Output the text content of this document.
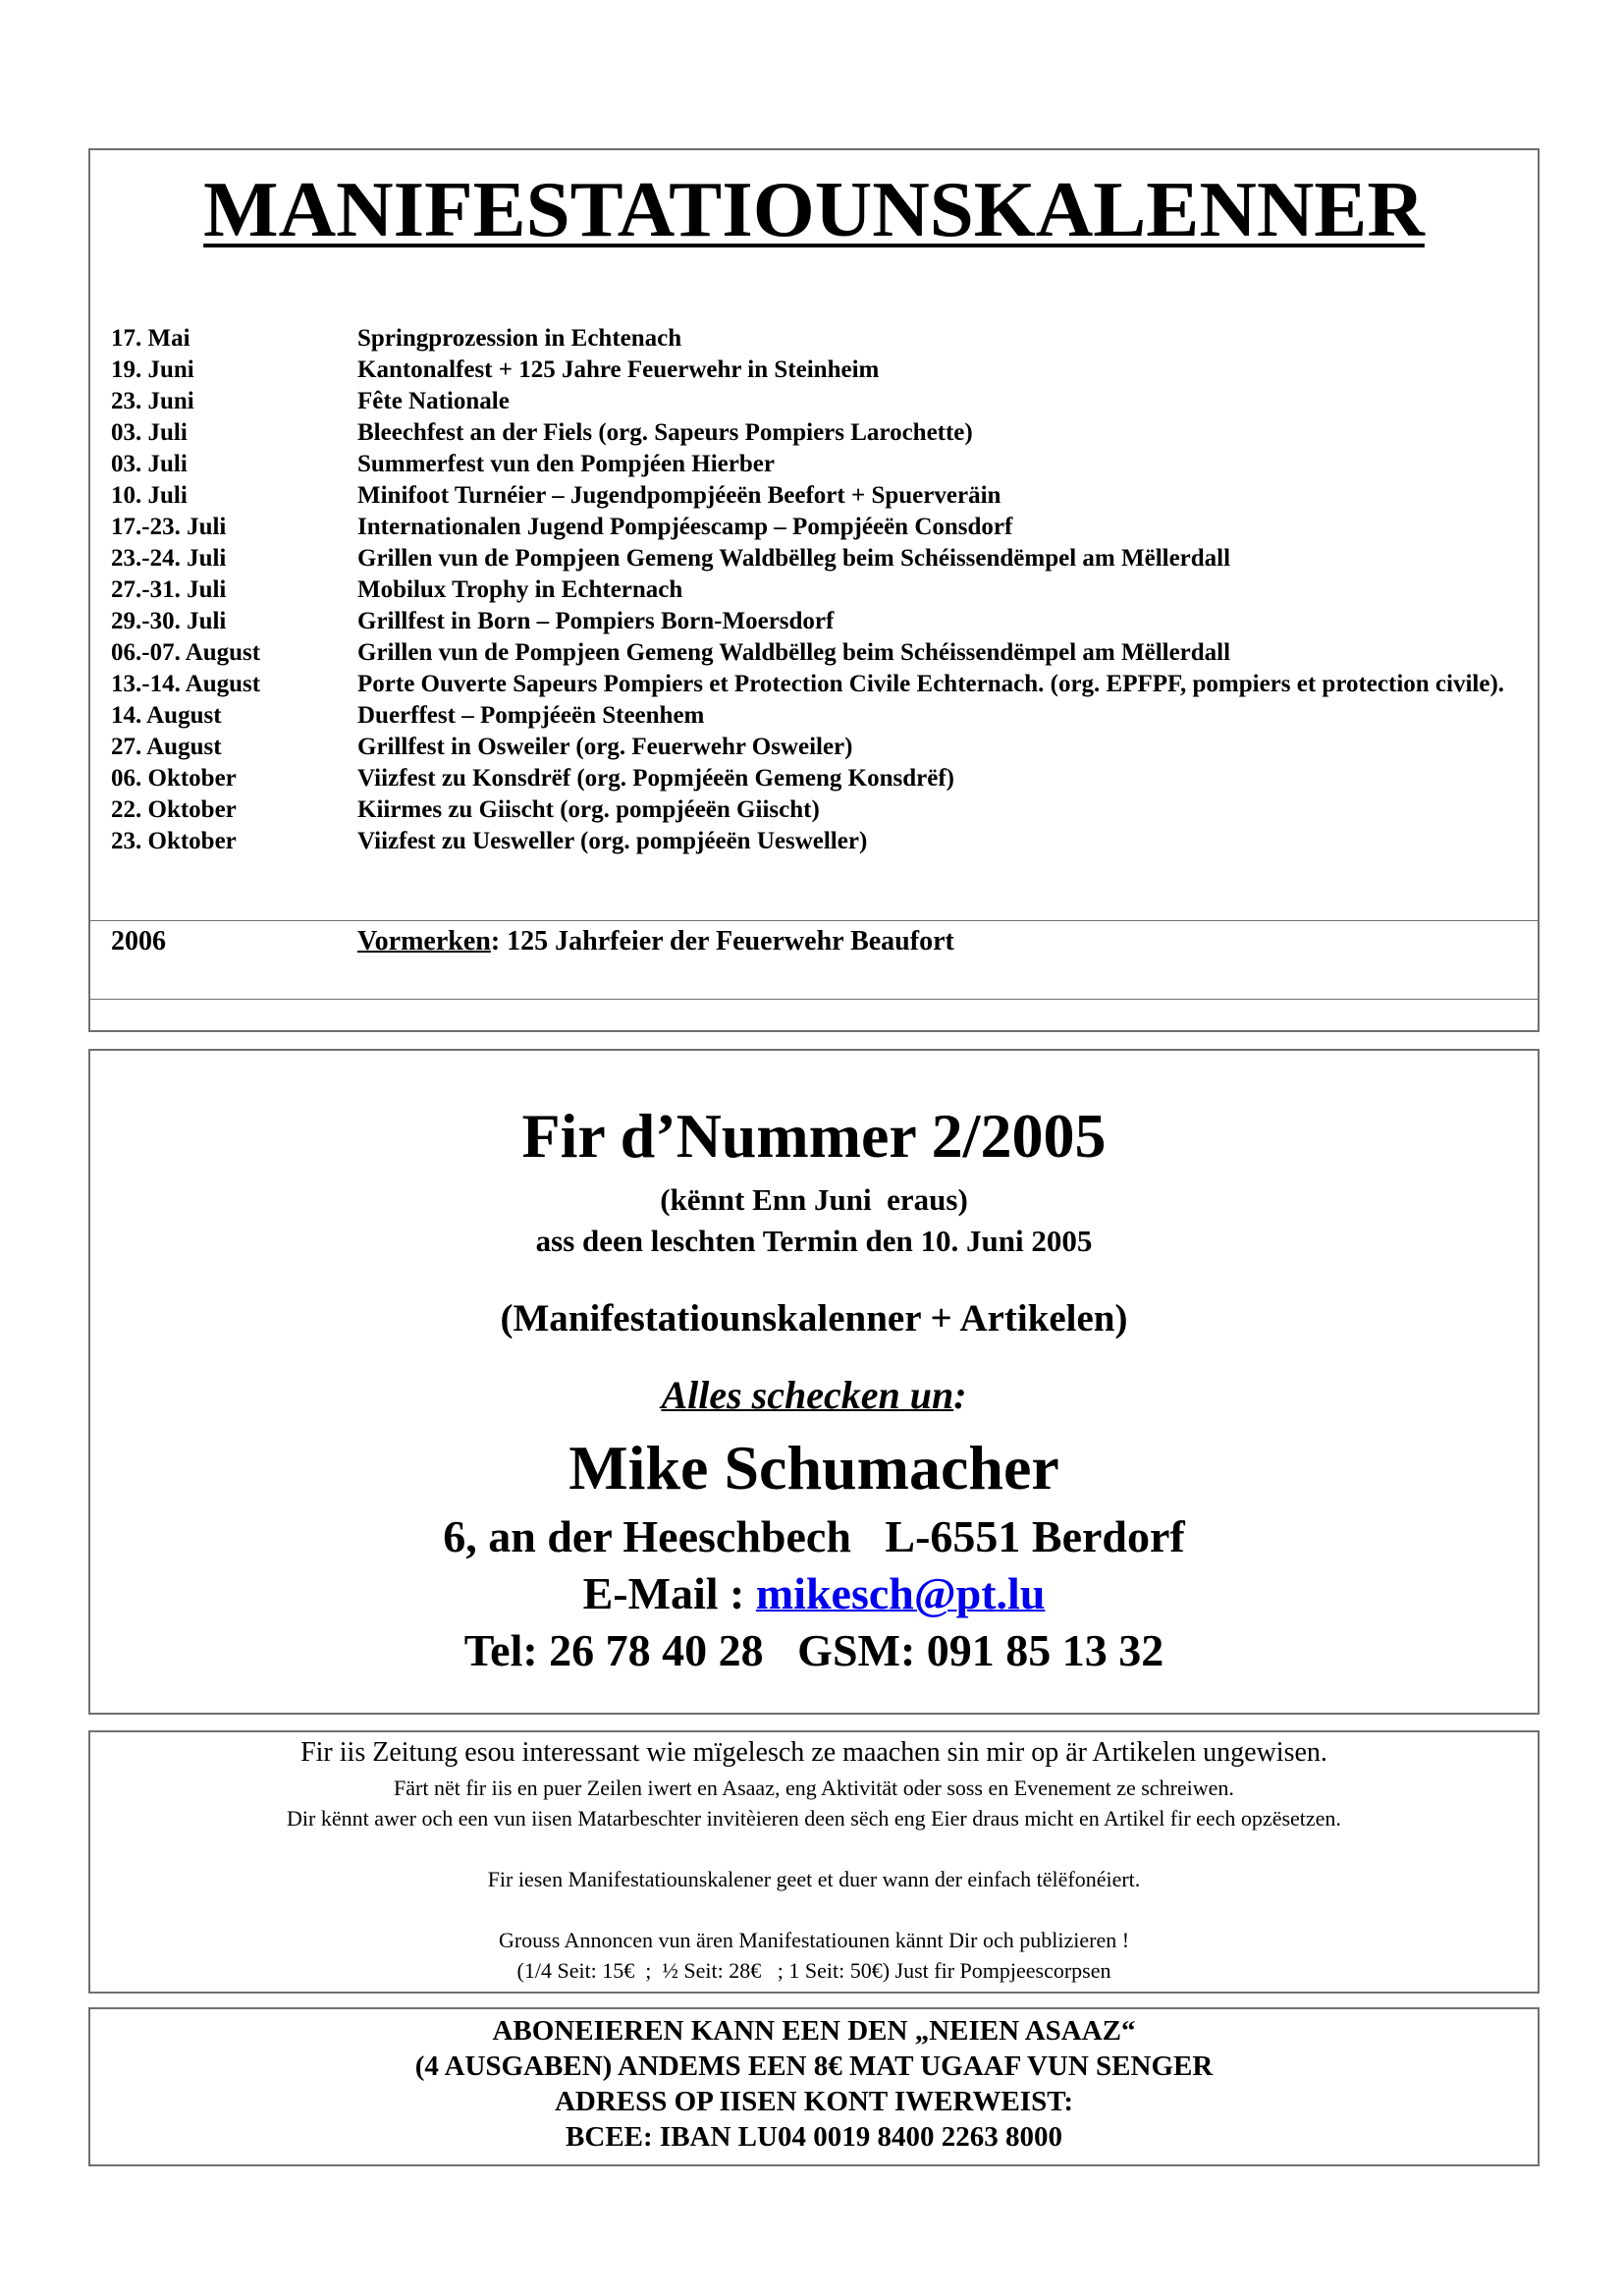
MANIFESTATIOUNSKALENNER
17. Mai	Springprozession in Echtenach
19. Juni	Kantonalfest + 125 Jahre Feuerwehr in Steinheim
23. Juni	Fête Nationale
03. Juli	Bleechfest an der Fiels (org. Sapeurs Pompiers Larochette)
03. Juli	Summerfest vun den Pompjéen Hierber
10. Juli	Minifoot Turnéier – Jugendpompjéeën Beefort + Spuerveräin
17.-23. Juli	Internationalen Jugend Pompjéescamp – Pompjéeën Consdorf
23.-24. Juli	Grillen vun de Pompjeen Gemeng Waldbëlleg beim Schéissendëmpel am Mëllerdall
27.-31. Juli	Mobilux Trophy in Echternach
29.-30. Juli	Grillfest in Born – Pompiers Born-Moersdorf
06.-07. August	Grillen vun de Pompjeen Gemeng Waldbëlleg beim Schéissendëmpel am Mëllerdall
13.-14. August	Porte Ouverte Sapeurs Pompiers et Protection Civile Echternach. (org. EPFPF, pompiers et protection civile).
14. August	Duerffest – Pompjéeën Steenhem
27. August	Grillfest in Osweiler (org. Feuerwehr Osweiler)
06. Oktober	Viizfest zu Konsdrëf (org. Popmjéeën Gemeng Konsdrëf)
22. Oktober	Kiirmes zu Giischt (org. pompjéeën Giischt)
23. Oktober	Viizfest zu Uesweller (org. pompjéeën Uesweller)
2006	Vormerken: 125 Jahrfeier der Feuerwehr Beaufort
Fir d’Nummer 2/2005
(kënnt Enn Juni  eraus)
ass deen leschten Termin den 10. Juni 2005
(Manifestatiounskalenner + Artikelen)
Alles schecken un:
Mike Schumacher
6, an der Heeschbech   L-6551 Berdorf
E-Mail : mikesch@pt.lu
Tel: 26 78 40 28   GSM: 091 85 13 32
Fir iis Zeitung esou interessant wie mïgelesch ze maachen sin mir op är Artikelen ungewisen.
Färt nët fir iis en puer Zeilen iwert en Asaaz, eng Aktivität oder soss en Evenement ze schreiwen.
Dir kënnt awer och een vun iisen Matarbeschter invitèieren deen sëch eng Eier draus micht en Artikel fir eech opzësetzen.
Fir iesen Manifestatiounskalener geet et duer wann der einfach tëlëfonéiert.
Grouss Annoncen vun ären Manifestatiounen kännt Dir och publizieren !
(1/4 Seit: 15€  ;  ½ Seit: 28€   ; 1 Seit: 50€) Just fir Pompjeescorpsen
ABONEIEREN KANN EEN DEN „NEIEN ASAAZ“
(4 AUSGABEN) ANDEMS EEN 8€ MAT UGAAF VUN SENGER
ADRESS OP IISEN KONT IWERWEIST:
BCEE: IBAN LU04 0019 8400 2263 8000
